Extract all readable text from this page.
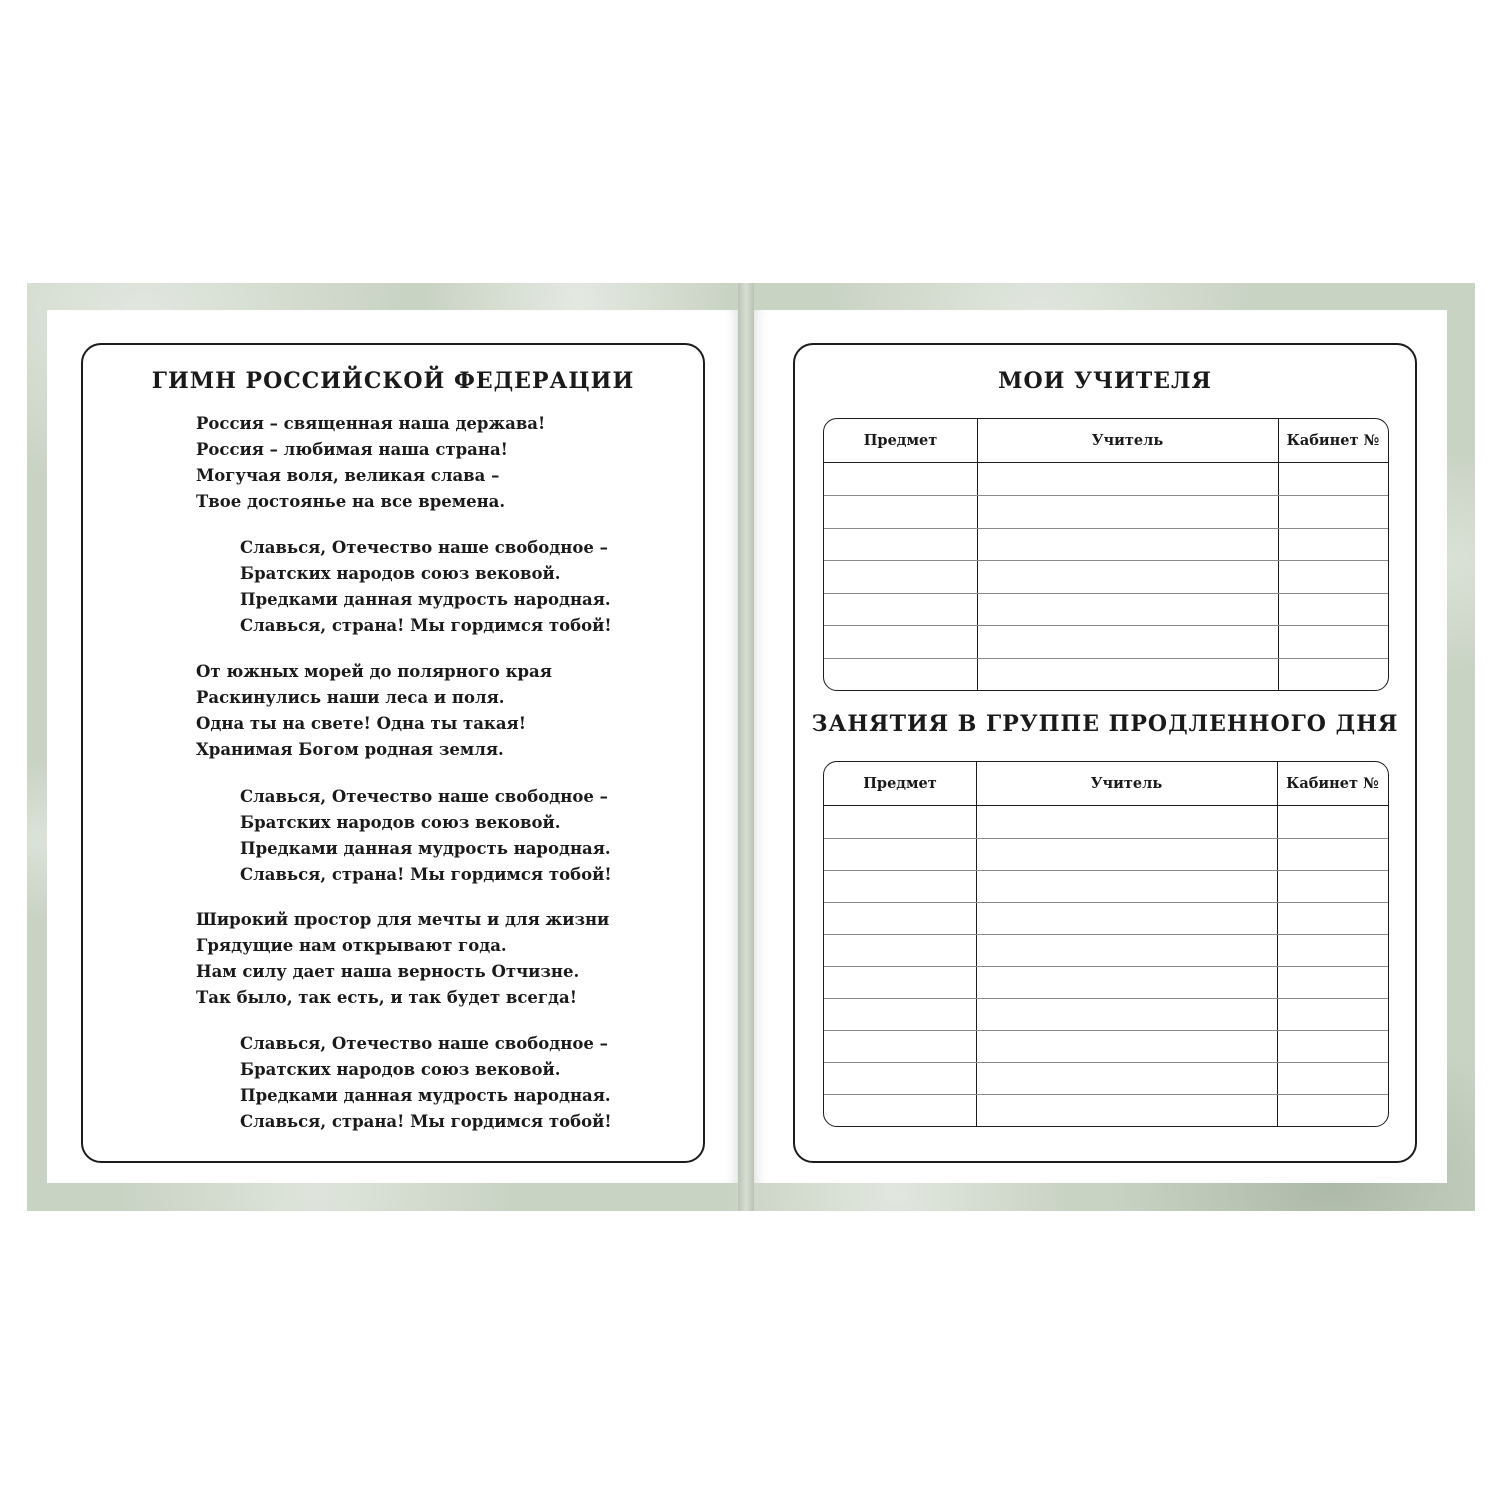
ГИМН РОССИЙСКОЙ ФЕДЕРАЦИИ
Россия – священная наша держава!
Россия – любимая наша страна!
Могучая воля, великая слава –
Твое достоянье на все времена.
Славься, Отечество наше свободное –
Братских народов союз вековой.
Предками данная мудрость народная.
Славься, страна! Мы гордимся тобой!
От южных морей до полярного края
Раскинулись наши леса и поля.
Одна ты на свете! Одна ты такая!
Хранимая Богом родная земля.
Славься, Отечество наше свободное –
Братских народов союз вековой.
Предками данная мудрость народная.
Славься, страна! Мы гордимся тобой!
Широкий простор для мечты и для жизни
Грядущие нам открывают года.
Нам силу дает наша верность Отчизне.
Так было, так есть, и так будет всегда!
Славься, Отечество наше свободное –
Братских народов союз вековой.
Предками данная мудрость народная.
Славься, страна! Мы гордимся тобой!
МОИ УЧИТЕЛЯ
Предмет	Учитель	Кабинет №
ЗАНЯТИЯ В ГРУППЕ ПРОДЛЕННОГО ДНЯ
Предмет	Учитель	Кабинет №
